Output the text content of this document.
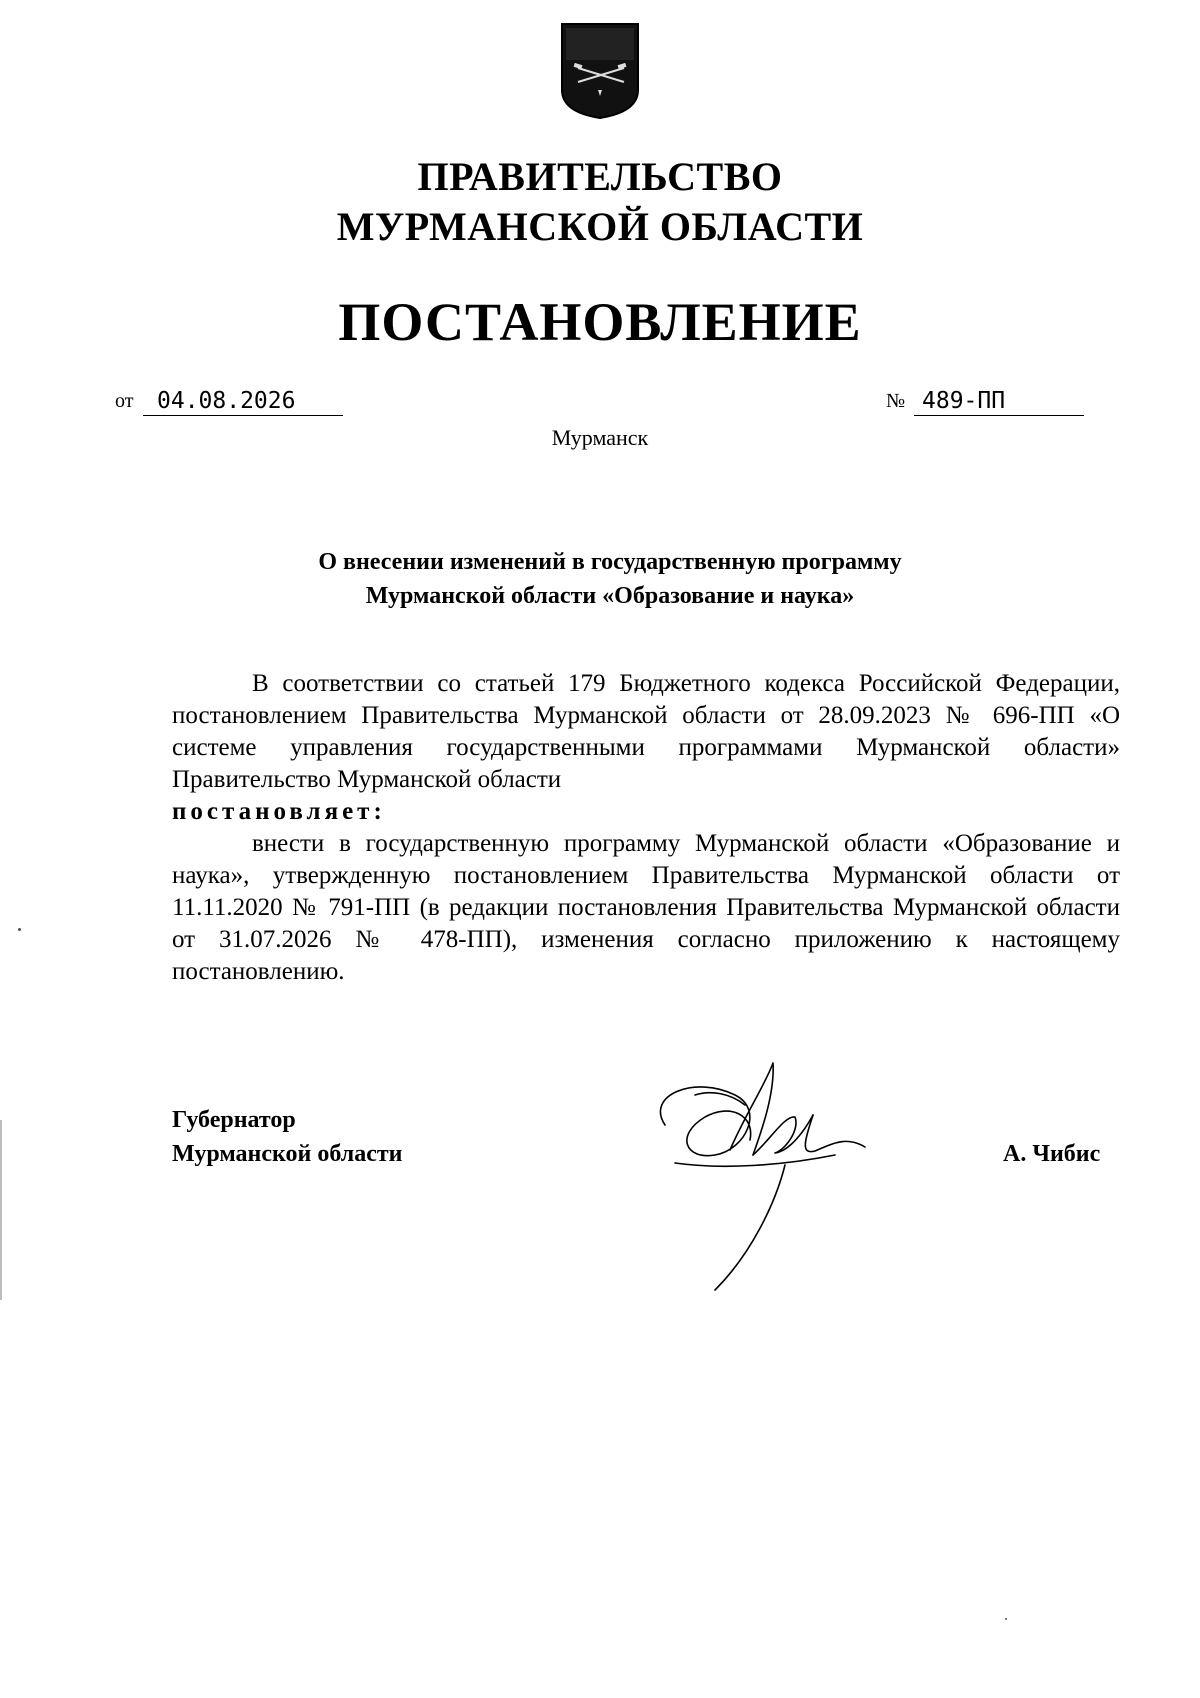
ПРАВИТЕЛЬСТВО
МУРМАНСКОЙ ОБЛАСТИ
ПОСТАНОВЛЕНИЕ
от	04.08.2026	№ 489-ПП
Мурманск
О внесении изменений в государственную программу
Мурманской области «Образование и наука»

В соответствии со статьей 179 Бюджетного кодекса Российской Федерации, постановлением Правительства Мурманской области от 28.09.2023 № 696-ПП «О системе управления государственными программами Мурманской области» Правительство Мурманской области

постановляет:

внести в государственную программу Мурманской области «Образование и наука», утвержденную постановлением Правительства Мурманской области от 11.11.2020 № 791-ПП (в редакции постановления Правительства Мурманской области от 31.07.2026 № 478-ПП), изменения согласно приложению к настоящему постановлению.

Губернатор
Мурманской области	А. Чибис
